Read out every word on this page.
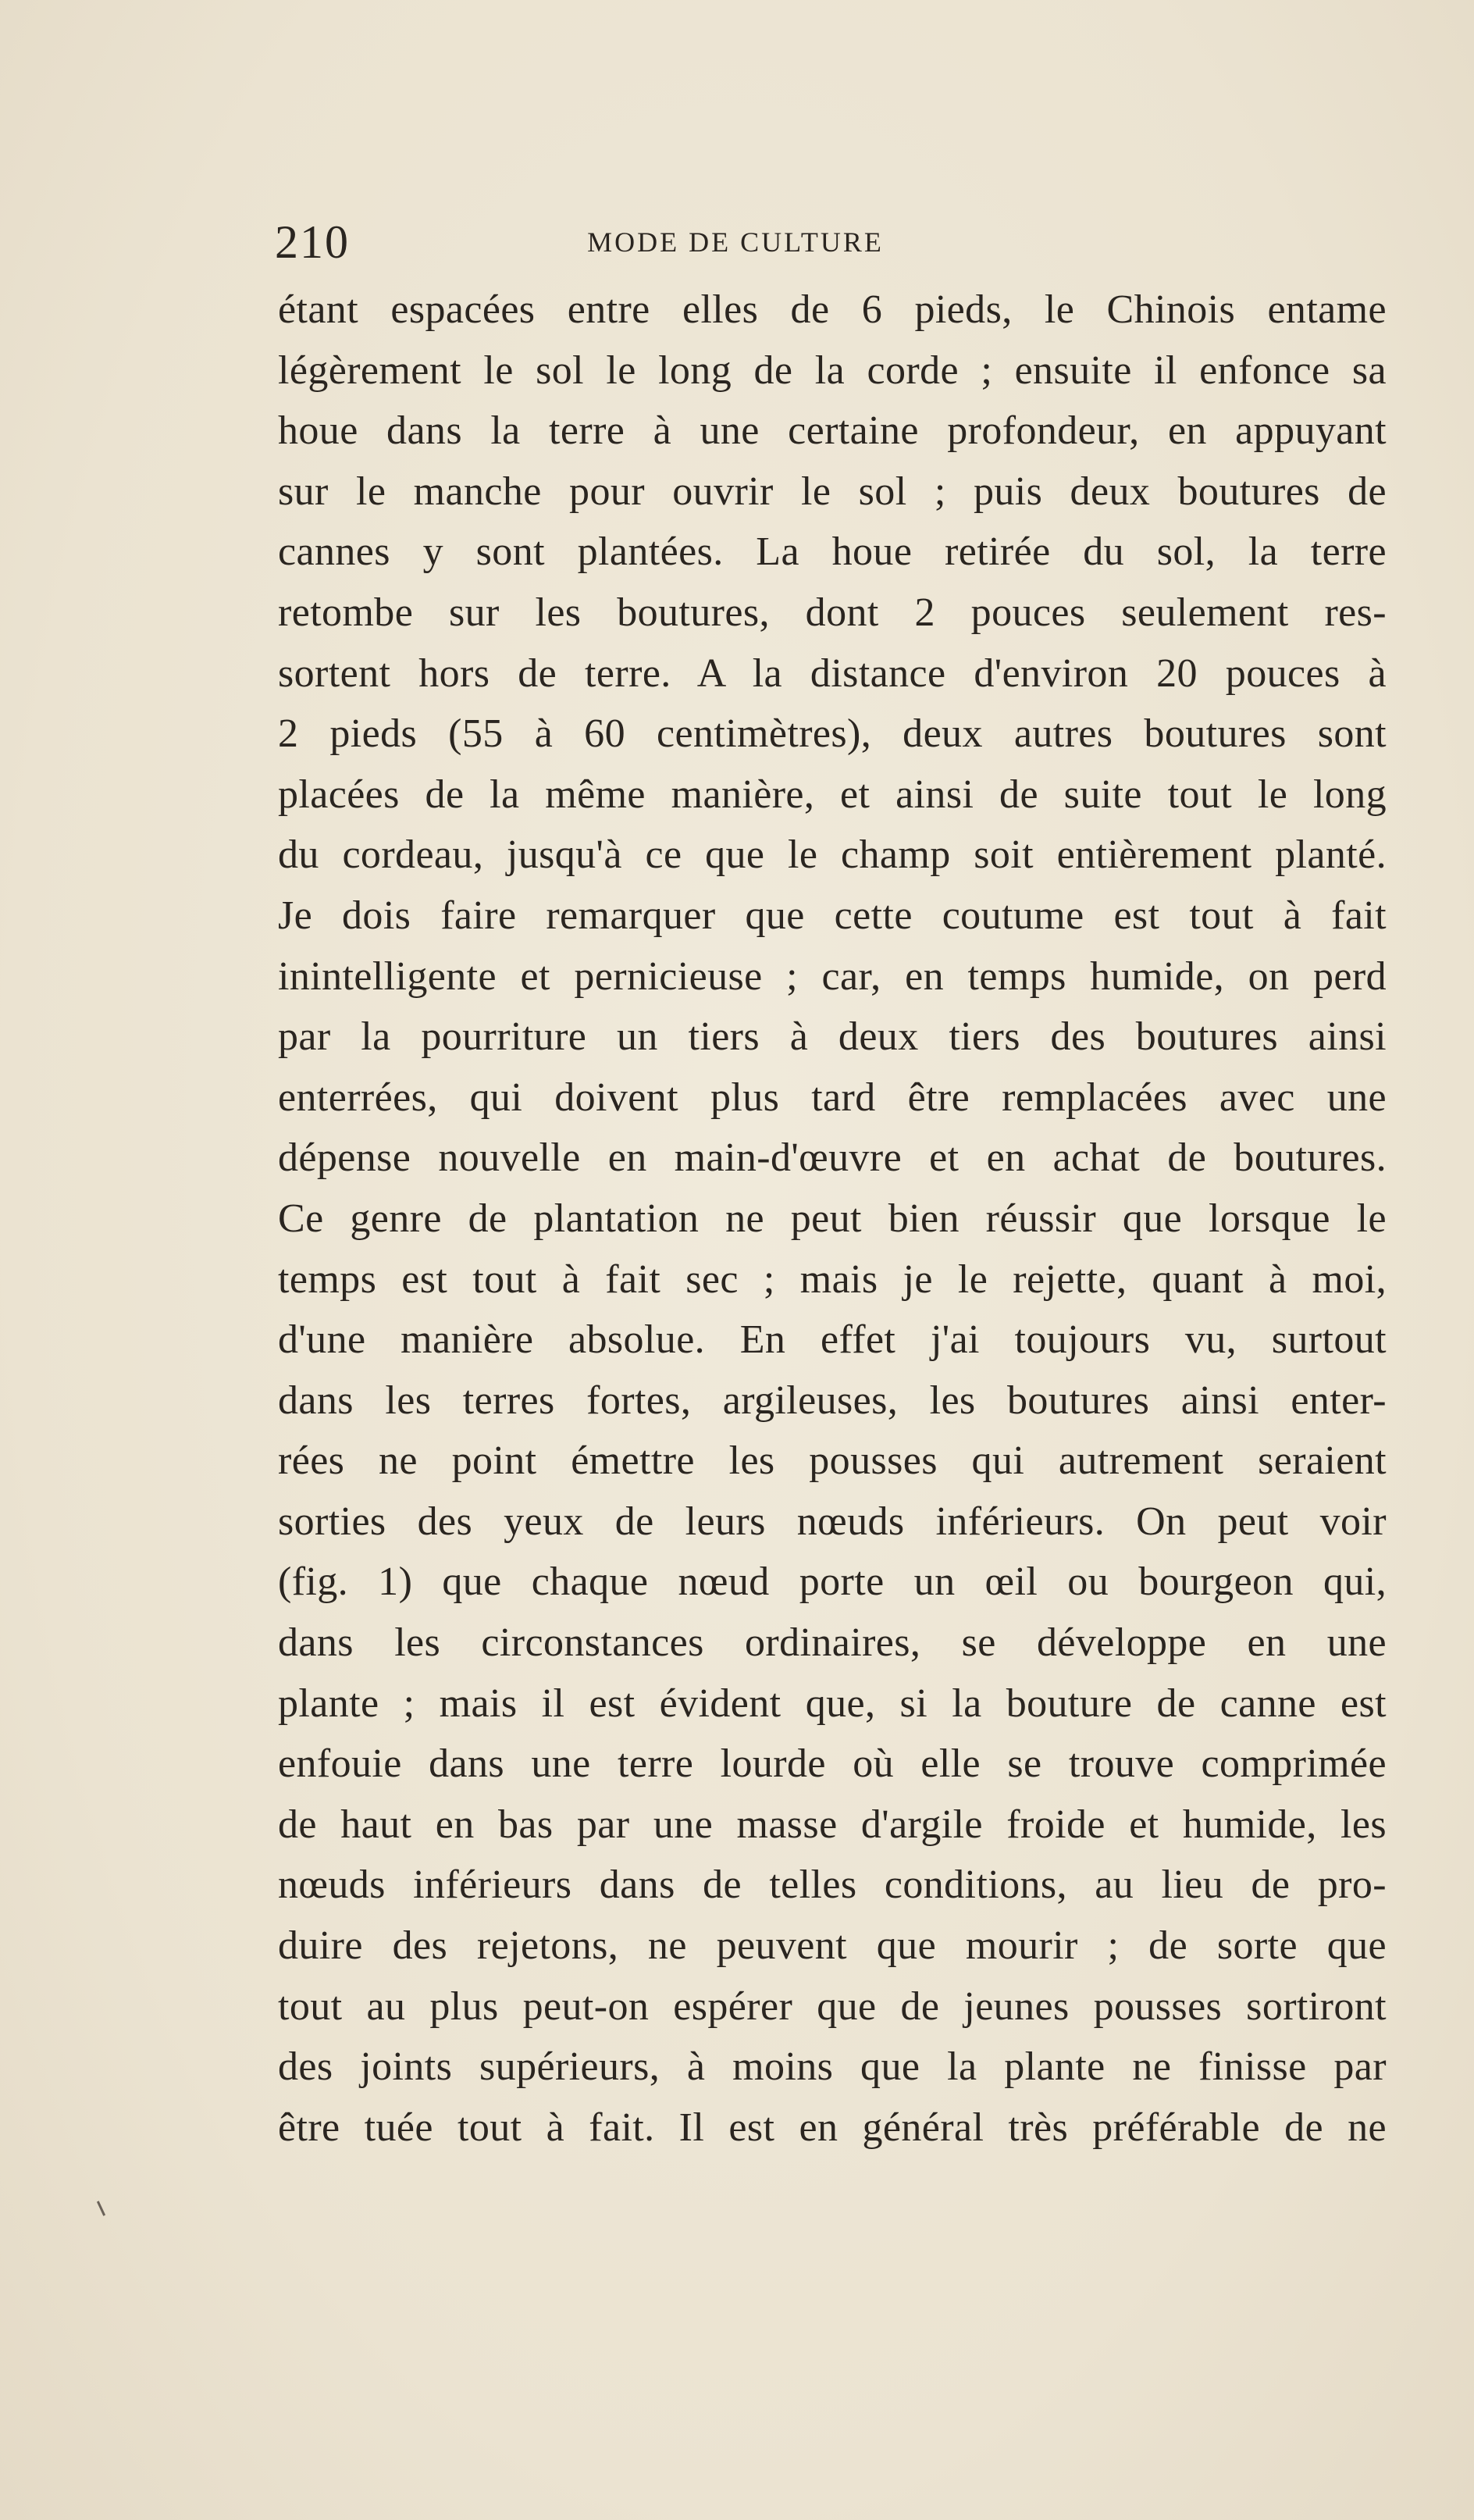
210	MODE DE CULTURE
étant espacées entre elles de 6 pieds, le Chinois entame
légèrement le sol le long de la corde ; ensuite il enfonce sa
houe dans la terre à une certaine profondeur, en appuyant
sur le manche pour ouvrir le sol ; puis deux boutures de
cannes y sont plantées. La houe retirée du sol, la terre
retombe sur les boutures, dont 2 pouces seulement res-
sortent hors de terre. A la distance d'environ 20 pouces à
2 pieds (55 à 60 centimètres), deux autres boutures sont
placées de la même manière, et ainsi de suite tout le long
du cordeau, jusqu'à ce que le champ soit entièrement planté.
Je dois faire remarquer que cette coutume est tout à fait
inintelligente et pernicieuse ; car, en temps humide, on perd
par la pourriture un tiers à deux tiers des boutures ainsi
enterrées, qui doivent plus tard être remplacées avec une
dépense nouvelle en main-d'œuvre et en achat de boutures.
Ce genre de plantation ne peut bien réussir que lorsque le
temps est tout à fait sec ; mais je le rejette, quant à moi,
d'une manière absolue. En effet j'ai toujours vu, surtout
dans les terres fortes, argileuses, les boutures ainsi enter-
rées ne point émettre les pousses qui autrement seraient
sorties des yeux de leurs nœuds inférieurs. On peut voir
(fig. 1) que chaque nœud porte un œil ou bourgeon qui,
dans les circonstances ordinaires, se développe en une
plante ; mais il est évident que, si la bouture de canne est
enfouie dans une terre lourde où elle se trouve comprimée
de haut en bas par une masse d'argile froide et humide, les
nœuds inférieurs dans de telles conditions, au lieu de pro-
duire des rejetons, ne peuvent que mourir ; de sorte que
tout au plus peut-on espérer que de jeunes pousses sortiront
des joints supérieurs, à moins que la plante ne finisse par
être tuée tout à fait. Il est en général très préférable de ne
